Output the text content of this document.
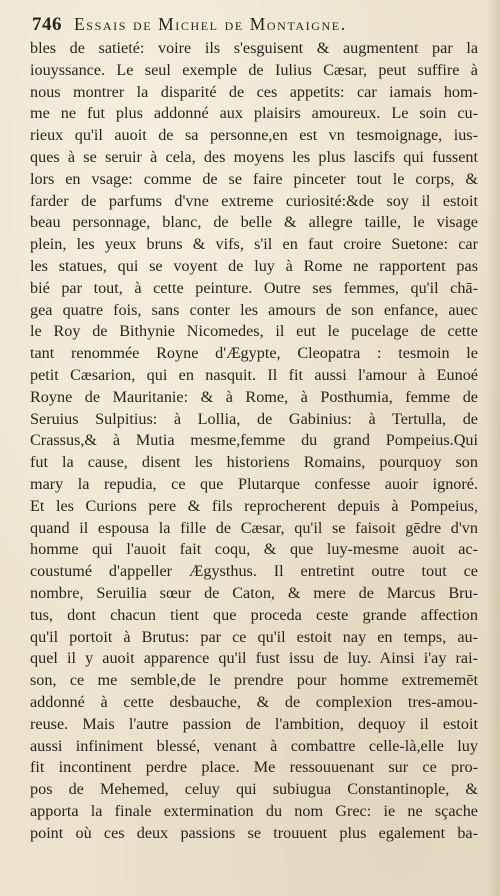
746 Essais de Michel de Montaigne.
bles de satieté: voire ils s'esguisent & augmentent par la
iouyssance. Le seul exemple de Iulius Cæsar, peut suffire à
nous montrer la disparité de ces appetits: car iamais hom-
me ne fut plus addonné aux plaisirs amoureux. Le soin cu-
rieux qu'il auoit de sa personne,en est vn tesmoignage, ius-
ques à se seruir à cela, des moyens les plus lascifs qui fussent
lors en vsage: comme de se faire pinceter tout le corps, &
farder de parfums d'vne extreme curiosité:&de soy il estoit
beau personnage, blanc, de belle & allegre taille, le visage
plein, les yeux bruns & vifs, s'il en faut croire Suetone: car
les statues, qui se voyent de luy à Rome ne rapportent pas
bié par tout, à cette peinture. Outre ses femmes, qu'il chā-
gea quatre fois, sans conter les amours de son enfance, auec
le Roy de Bithynie Nicomedes, il eut le pucelage de cette
tant renommée Royne d'Ægypte, Cleopatra : tesmoin le
petit Cæsarion, qui en nasquit. Il fit aussi l'amour à Eunoé
Royne de Mauritanie: & à Rome, à Posthumia, femme de
Seruius Sulpitius: à Lollia, de Gabinius: à Tertulla, de
Crassus,& à Mutia mesme,femme du grand Pompeius.Qui
fut la cause, disent les historiens Romains, pourquoy son
mary la repudia, ce que Plutarque confesse auoir ignoré.
Et les Curions pere & fils reprocherent depuis à Pompeius,
quand il espousa la fille de Cæsar, qu'il se faisoit gēdre d'vn
homme qui l'auoit fait coqu, & que luy-mesme auoit ac-
coustumé d'appeller Ægysthus. Il entretint outre tout ce
nombre, Seruilia sœur de Caton, & mere de Marcus Bru-
tus, dont chacun tient que proceda ceste grande affection
qu'il portoit à Brutus: par ce qu'il estoit nay en temps, au-
quel il y auoit apparence qu'il fust issu de luy. Ainsi i'ay rai-
son, ce me semble,de le prendre pour homme extrememēt
addonné à cette desbauche, & de complexion tres-amou-
reuse. Mais l'autre passion de l'ambition, dequoy il estoit
aussi infiniment blessé, venant à combattre celle-là,elle luy
fit incontinent perdre place. Me ressouuenant sur ce pro-
pos de Mehemed, celuy qui subiugua Constantinople, &
apporta la finale extermination du nom Grec: ie ne sçache
point où ces deux passions se trouuent plus egalement ba-
